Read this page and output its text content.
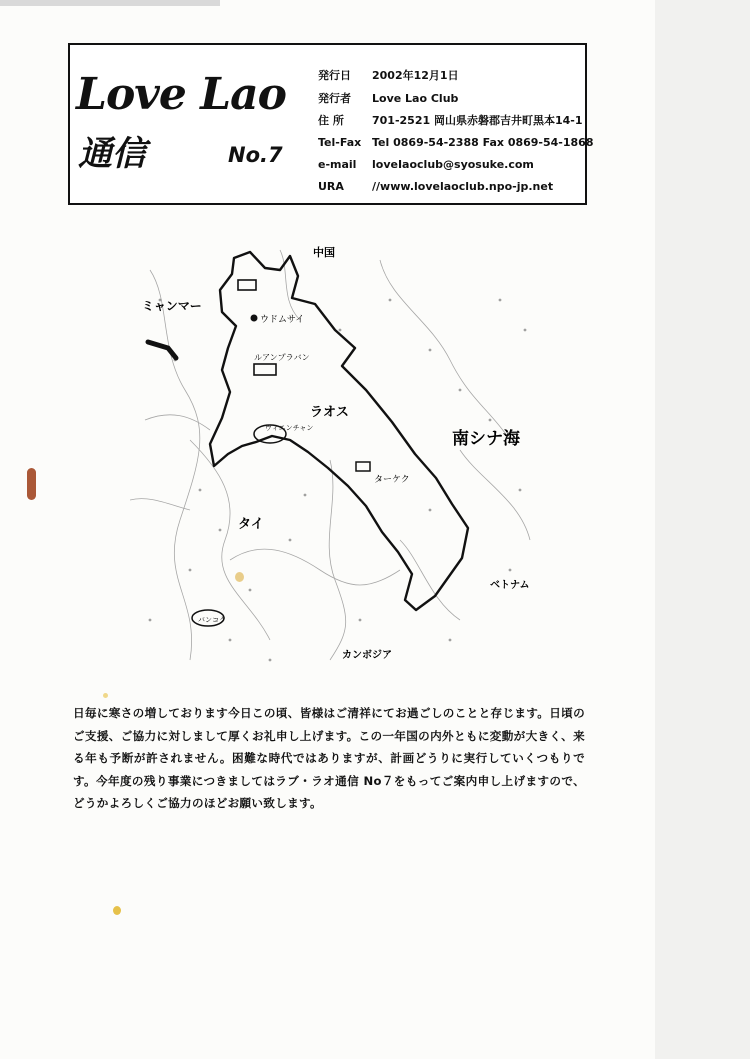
Love Lao
通信	No.7
発行日 2002年12月1日
発行者 Love Lao Club
住 所	701-2521 岡山県赤磐郡吉井町黒本14-1
Tel-Fax Tel 0869-54-2388 Fax 0869-54-1868
e-mail loveIaoclub@syosuke.com
URA	//www.lovelaoclub.npo-jp.net
中国
ミャンマー
ウドムサイ
ルアンプラバン
ラオス
南シナ海
ヴィエンチャン
タイ
ターケク
ベトナム
カンボジア
バンコク
日毎に寒さの増しております今日この頃、皆様はご清祥にてお過ごしのことと存じます。日頃のご支援、ご協力に対しまして厚くお礼申し上げます。この一年国の内外ともに変動が大きく、来る年も予断が許されません。困難な時代ではありますが、計画どうりに実行していくつもりです。今年度の残り事業につきましてはラブ・ラオ通信 No７をもってご案内申し上げますので、どうかよろしくご協力のほどお願い致します。
